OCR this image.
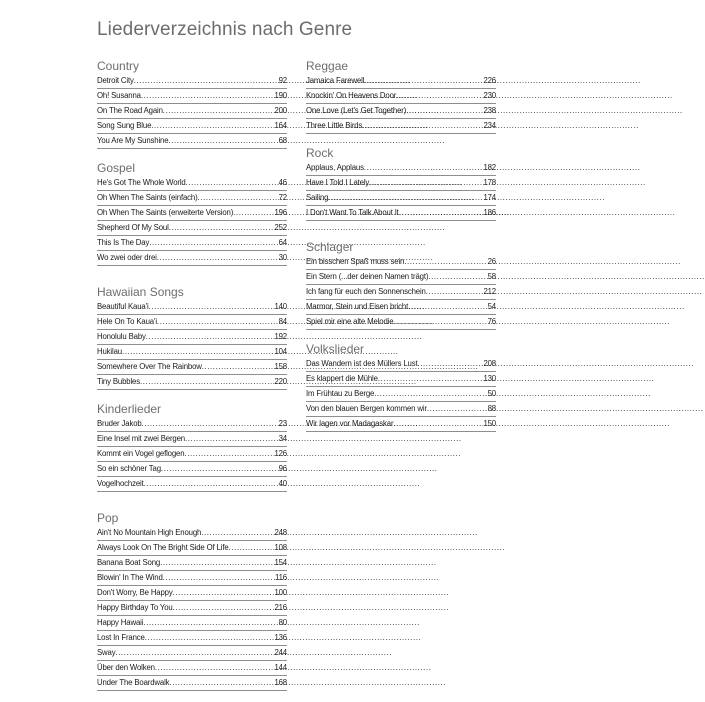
Liederverzeichnis nach Genre
Country
Detroit City .....	92
Oh! Susanna .....	190
On The Road Again .....	200
Song Sung Blue .....	164
You Are My Sunshine .....	68
Gospel
He's Got The Whole World .....	46
Oh When The Saints (einfach) .....	72
Oh When The Saints (erweiterte Version) .....	196
Shepherd Of My Soul .....	252
This Is The Day .....	64
Wo zwei oder drei .....	30
Hawaiian Songs
Beautiful Kaua'i .....	140
Hele On To Kaua'i .....	84
Honolulu Baby .....	192
Hukilau .....	104
Somewhere Over The Rainbow .....	158
Tiny Bubbles .....	220
Kinderlieder
Bruder Jakob .....	23
Eine Insel mit zwei Bergen .....	34
Kommt ein Vogel geflogen .....	126
So ein schöner Tag .....	96
Vogelhochzeit .....	40
Pop
Ain't No Mountain High Enough .....	248
Always Look On The Bright Side Of Life .....	108
Banana Boat Song .....	154
Blowin' In The Wind .....	116
Don't Worry, Be Happy .....	100
Happy Birthday To You .....	216
Happy Hawaii .....	80
Lost In France .....	136
Sway .....	244
Über den Wolken .....	144
Under The Boardwalk .....	168
Reggae
Jamaica Farewell .....	226
Knockin' On Heavens Door .....	230
One Love (Let's Get Together) .....	238
Three Little Birds .....	234
Rock
Applaus, Applaus .....	182
Have I Told I Lately .....	178
Sailing .....	174
I Don't Want To Talk About It .....	186
Schlager
Ein bisschen Spaß muss sein .....	26
Ein Stern (...der deinen Namen trägt) .....	58
Ich fang für euch den Sonnenschein .....	212
Marmor, Stein und Eisen bricht .....	54
Spiel mir eine alte Melodie .....	76
Volkslieder
Das Wandern ist des Müllers Lust .....	208
Es klappert die Mühle .....	130
Im Frühtau zu Berge .....	50
Von den blauen Bergen kommen wir .....	88
Wir lagen vor Madagaskar .....	150
